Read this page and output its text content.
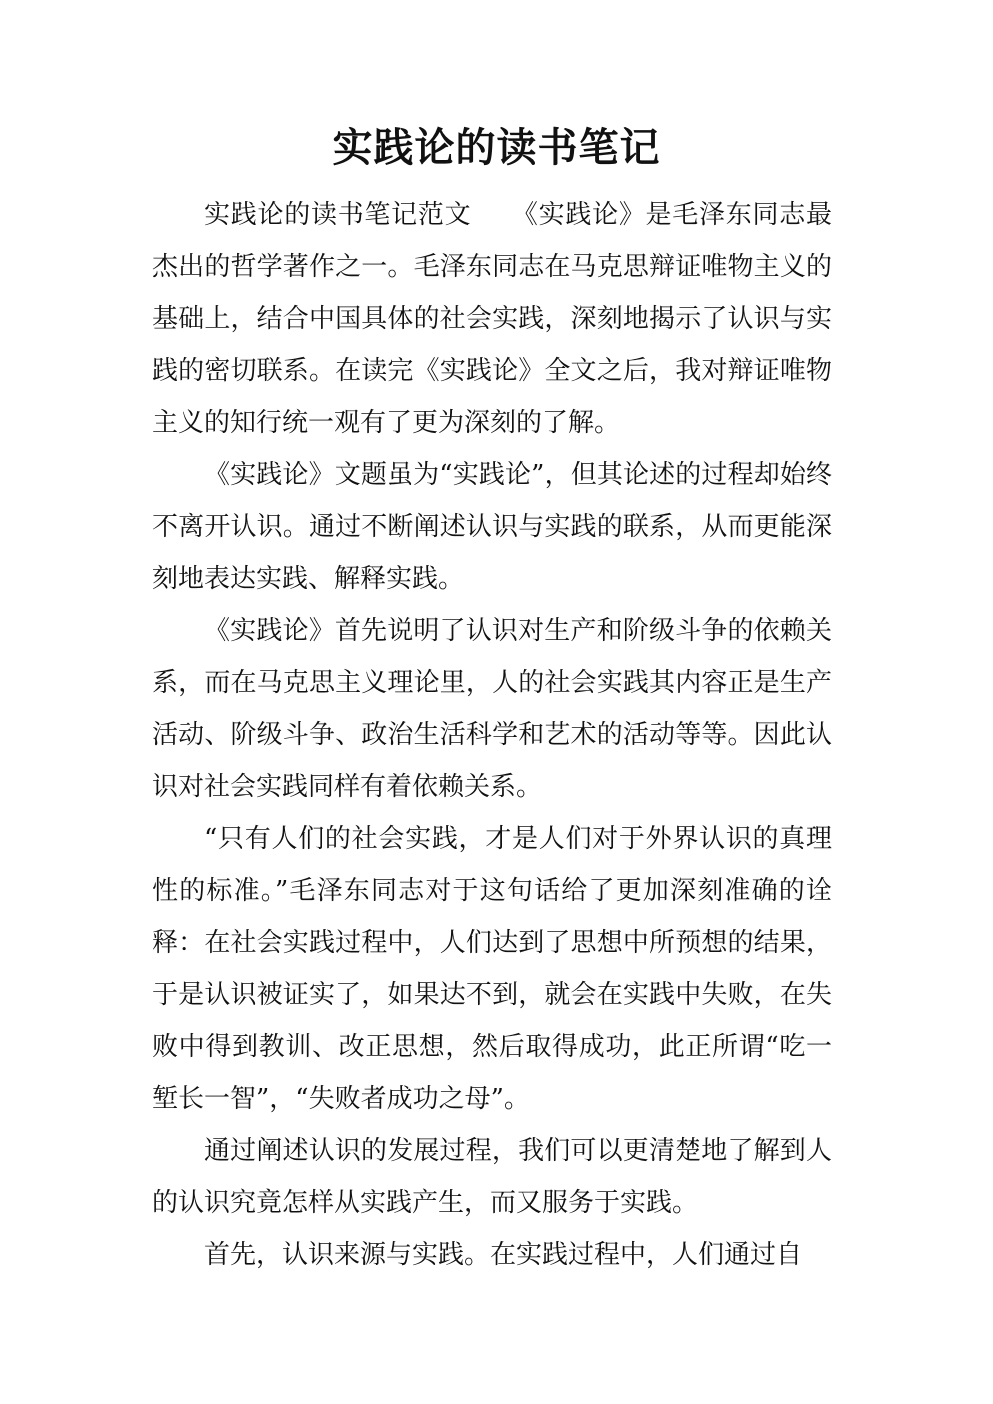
实践论的读书笔记

实践论的读书笔记范文　　《实践论》是毛泽东同志最杰出的哲学著作之一。毛泽东同志在马克思辩证唯物主义的基础上，结合中国具体的社会实践，深刻地揭示了认识与实践的密切联系。在读完《实践论》全文之后，我对辩证唯物主义的知行统一观有了更为深刻的了解。

《实践论》文题虽为“实践论”，但其论述的过程却始终不离开认识。通过不断阐述认识与实践的联系，从而更能深刻地表达实践、解释实践。

《实践论》首先说明了认识对生产和阶级斗争的依赖关系，而在马克思主义理论里，人的社会实践其内容正是生产活动、阶级斗争、政治生活科学和艺术的活动等等。因此认识对社会实践同样有着依赖关系。

“只有人们的社会实践，才是人们对于外界认识的真理性的标准。”毛泽东同志对于这句话给了更加深刻准确的诠释：在社会实践过程中，人们达到了思想中所预想的结果，于是认识被证实了，如果达不到，就会在实践中失败，在失败中得到教训、改正思想，然后取得成功，此正所谓“吃一堑长一智”，“失败者成功之母”。

通过阐述认识的发展过程，我们可以更清楚地了解到人的认识究竟怎样从实践产生，而又服务于实践。

首先，认识来源与实践。在实践过程中，人们通过自
